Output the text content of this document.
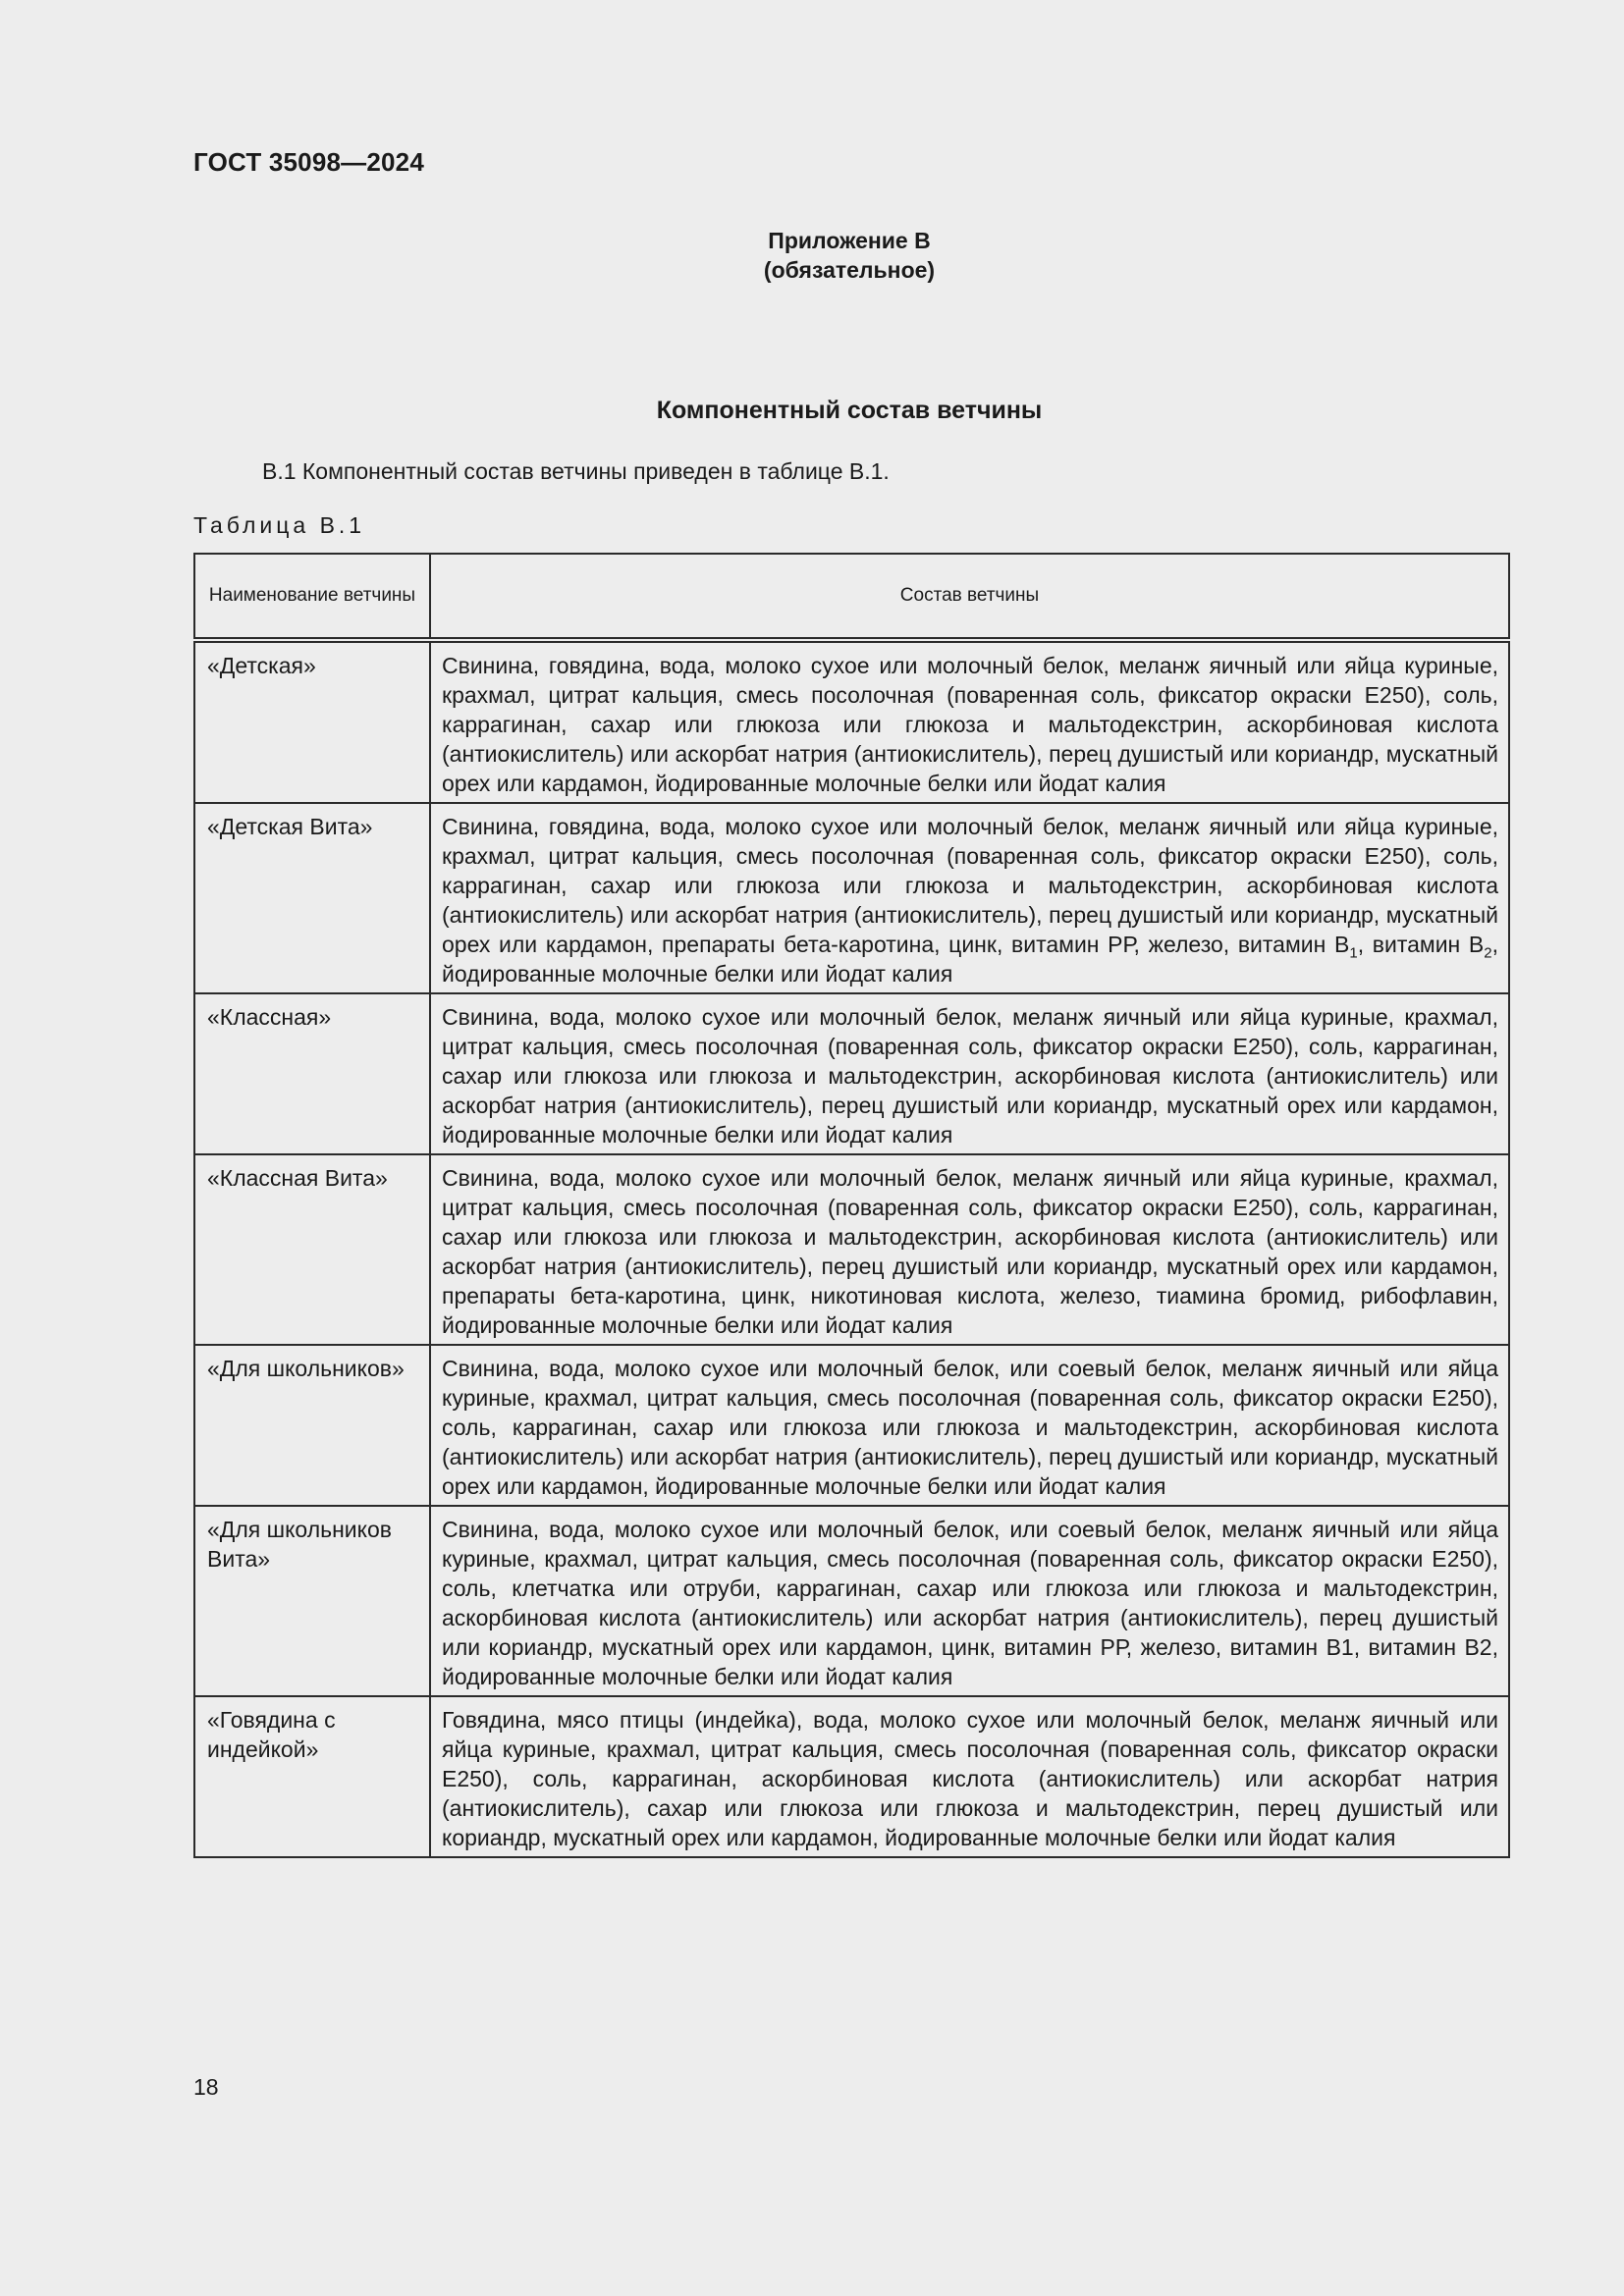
ГОСТ 35098—2024
Приложение В
(обязательное)
Компонентный состав ветчины
В.1 Компонентный состав ветчины приведен в таблице В.1.
Таблица В.1
Наименование ветчины	Состав ветчины
«Детская»	Свинина, говядина, вода, молоко сухое или молочный белок, меланж яичный или яйца куриные, крахмал, цитрат кальция, смесь посолочная (поваренная соль, фиксатор окраски Е250), соль, каррагинан, сахар или глюкоза или глюкоза и мальтодекстрин, аскорбиновая кислота (антиокислитель) или аскорбат натрия (антиокислитель), перец душистый или кориандр, мускатный орех или кардамон, йодированные молочные белки или йодат калия
«Детская Вита»	Свинина, говядина, вода, молоко сухое или молочный белок, меланж яичный или яйца куриные, крахмал, цитрат кальция, смесь посолочная (поваренная соль, фиксатор окраски Е250), соль, каррагинан, сахар или глюкоза или глюкоза и мальтодекстрин, аскорбиновая кислота (антиокислитель) или аскорбат натрия (антиокислитель), перец душистый или кориандр, мускатный орех или кардамон, препараты бета-каротина, цинк, витамин РР, железо, витамин $В_1$, витамин $В_2$, йодированные молочные белки или йодат калия
«Классная»	Свинина, вода, молоко сухое или молочный белок, меланж яичный или яйца куриные, крахмал, цитрат кальция, смесь посолочная (поваренная соль, фиксатор окраски Е250), соль, каррагинан, сахар или глюкоза или глюкоза и мальтодекстрин, аскорбиновая кислота (антиокислитель) или аскорбат натрия (антиокислитель), перец душистый или кориандр, мускатный орех или кардамон, йодированные молочные белки или йодат калия
«Классная Вита»	Свинина, вода, молоко сухое или молочный белок, меланж яичный или яйца куриные, крахмал, цитрат кальция, смесь посолочная (поваренная соль, фиксатор окраски Е250), соль, каррагинан, сахар или глюкоза или глюкоза и мальтодекстрин, аскорбиновая кислота (антиокислитель) или аскорбат натрия (антиокислитель), перец душистый или кориандр, мускатный орех или кардамон, препараты бета-каротина, цинк, никотиновая кислота, железо, тиамина бромид, рибофлавин, йодированные молочные белки или йодат калия
«Для школьников»	Свинина, вода, молоко сухое или молочный белок, или соевый белок, меланж яичный или яйца куриные, крахмал, цитрат кальция, смесь посолочная (поваренная соль, фиксатор окраски Е250), соль, каррагинан, сахар или глюкоза или глюкоза и мальтодекстрин, аскорбиновая кислота (антиокислитель) или аскорбат натрия (антиокислитель), перец душистый или кориандр, мускатный орех или кардамон, йодированные молочные белки или йодат калия
«Для школьников Вита»	Свинина, вода, молоко сухое или молочный белок, или соевый белок, меланж яичный или яйца куриные, крахмал, цитрат кальция, смесь посолочная (поваренная соль, фиксатор окраски Е250), соль, клетчатка или отруби, каррагинан, сахар или глюкоза или глюкоза и мальтодекстрин, аскорбиновая кислота (антиокислитель) или аскорбат натрия (антиокислитель), перец душистый или кориандр, мускатный орех или кардамон, цинк, витамин РР, железо, витамин В1, витамин В2, йодированные молочные белки или йодат калия
«Говядина с индейкой»	Говядина, мясо птицы (индейка), вода, молоко сухое или молочный белок, меланж яичный или яйца куриные, крахмал, цитрат кальция, смесь посолочная (поваренная соль, фиксатор окраски Е250), соль, каррагинан, аскорбиновая кислота (антиокислитель) или аскорбат натрия (антиокислитель), сахар или глюкоза или глюкоза и мальтодекстрин, перец душистый или кориандр, мускатный орех или кардамон, йодированные молочные белки или йодат калия
18
